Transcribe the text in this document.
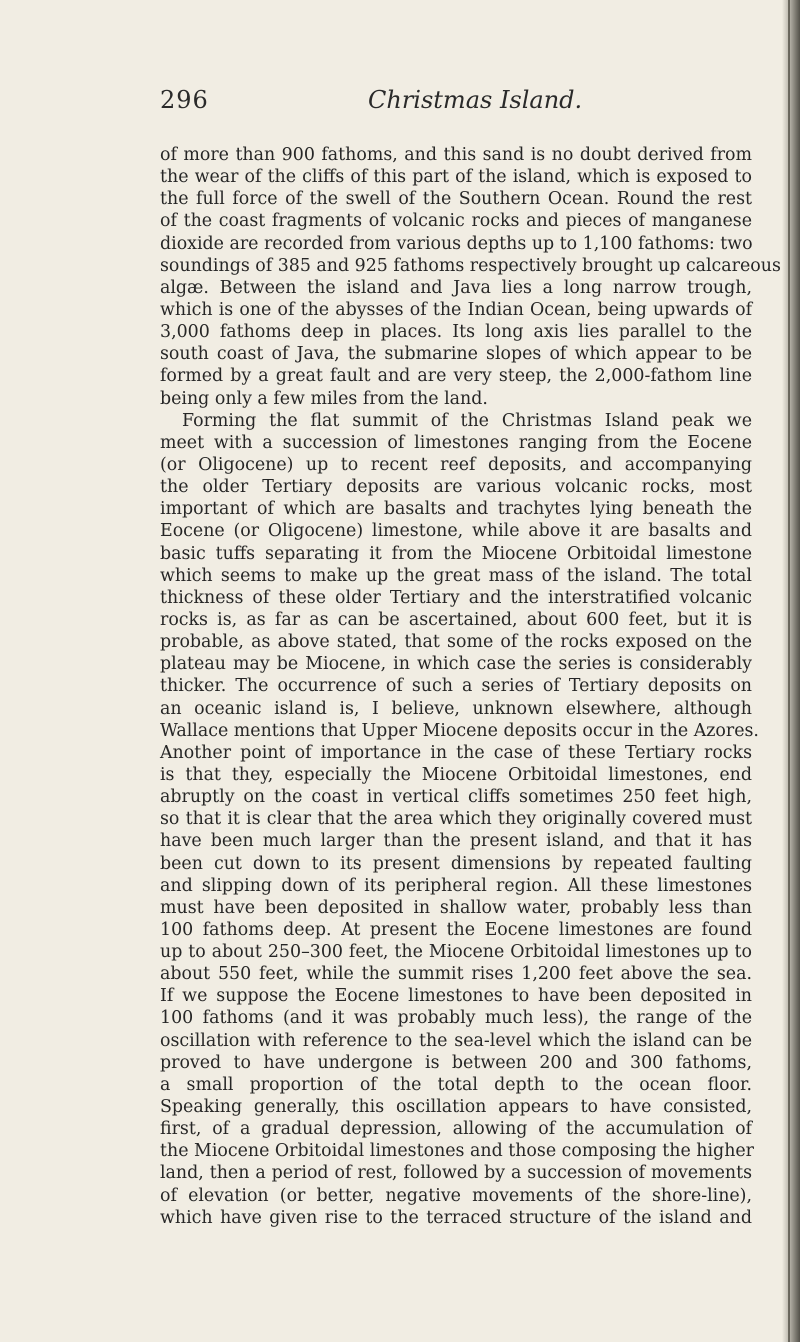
296	Christmas Island.
of more than 900 fathoms, and this sand is no doubt derived from
the wear of the cliffs of this part of the island, which is exposed to
the full force of the swell of the Southern Ocean. Round the rest
of the coast fragments of volcanic rocks and pieces of manganese
dioxide are recorded from various depths up to 1,100 fathoms: two
soundings of 385 and 925 fathoms respectively brought up calcareous
algæ. Between the island and Java lies a long narrow trough,
which is one of the abysses of the Indian Ocean, being upwards of
3,000 fathoms deep in places. Its long axis lies parallel to the
south coast of Java, the submarine slopes of which appear to be
formed by a great fault and are very steep, the 2,000-fathom line
being only a few miles from the land.
Forming the flat summit of the Christmas Island peak we
meet with a succession of limestones ranging from the Eocene
(or Oligocene) up to recent reef deposits, and accompanying
the older Tertiary deposits are various volcanic rocks, most
important of which are basalts and trachytes lying beneath the
Eocene (or Oligocene) limestone, while above it are basalts and
basic tuffs separating it from the Miocene Orbitoidal limestone
which seems to make up the great mass of the island. The total
thickness of these older Tertiary and the interstratified volcanic
rocks is, as far as can be ascertained, about 600 feet, but it is
probable, as above stated, that some of the rocks exposed on the
plateau may be Miocene, in which case the series is considerably
thicker. The occurrence of such a series of Tertiary deposits on
an oceanic island is, I believe, unknown elsewhere, although
Wallace mentions that Upper Miocene deposits occur in the Azores.
Another point of importance in the case of these Tertiary rocks
is that they, especially the Miocene Orbitoidal limestones, end
abruptly on the coast in vertical cliffs sometimes 250 feet high,
so that it is clear that the area which they originally covered must
have been much larger than the present island, and that it has
been cut down to its present dimensions by repeated faulting
and slipping down of its peripheral region. All these limestones
must have been deposited in shallow water, probably less than
100 fathoms deep. At present the Eocene limestones are found
up to about 250–300 feet, the Miocene Orbitoidal limestones up to
about 550 feet, while the summit rises 1,200 feet above the sea.
If we suppose the Eocene limestones to have been deposited in
100 fathoms (and it was probably much less), the range of the
oscillation with reference to the sea-level which the island can be
proved to have undergone is between 200 and 300 fathoms,
a small proportion of the total depth to the ocean floor.
Speaking generally, this oscillation appears to have consisted,
first, of a gradual depression, allowing of the accumulation of
the Miocene Orbitoidal limestones and those composing the higher
land, then a period of rest, followed by a succession of movements
of elevation (or better, negative movements of the shore-line),
which have given rise to the terraced structure of the island and
